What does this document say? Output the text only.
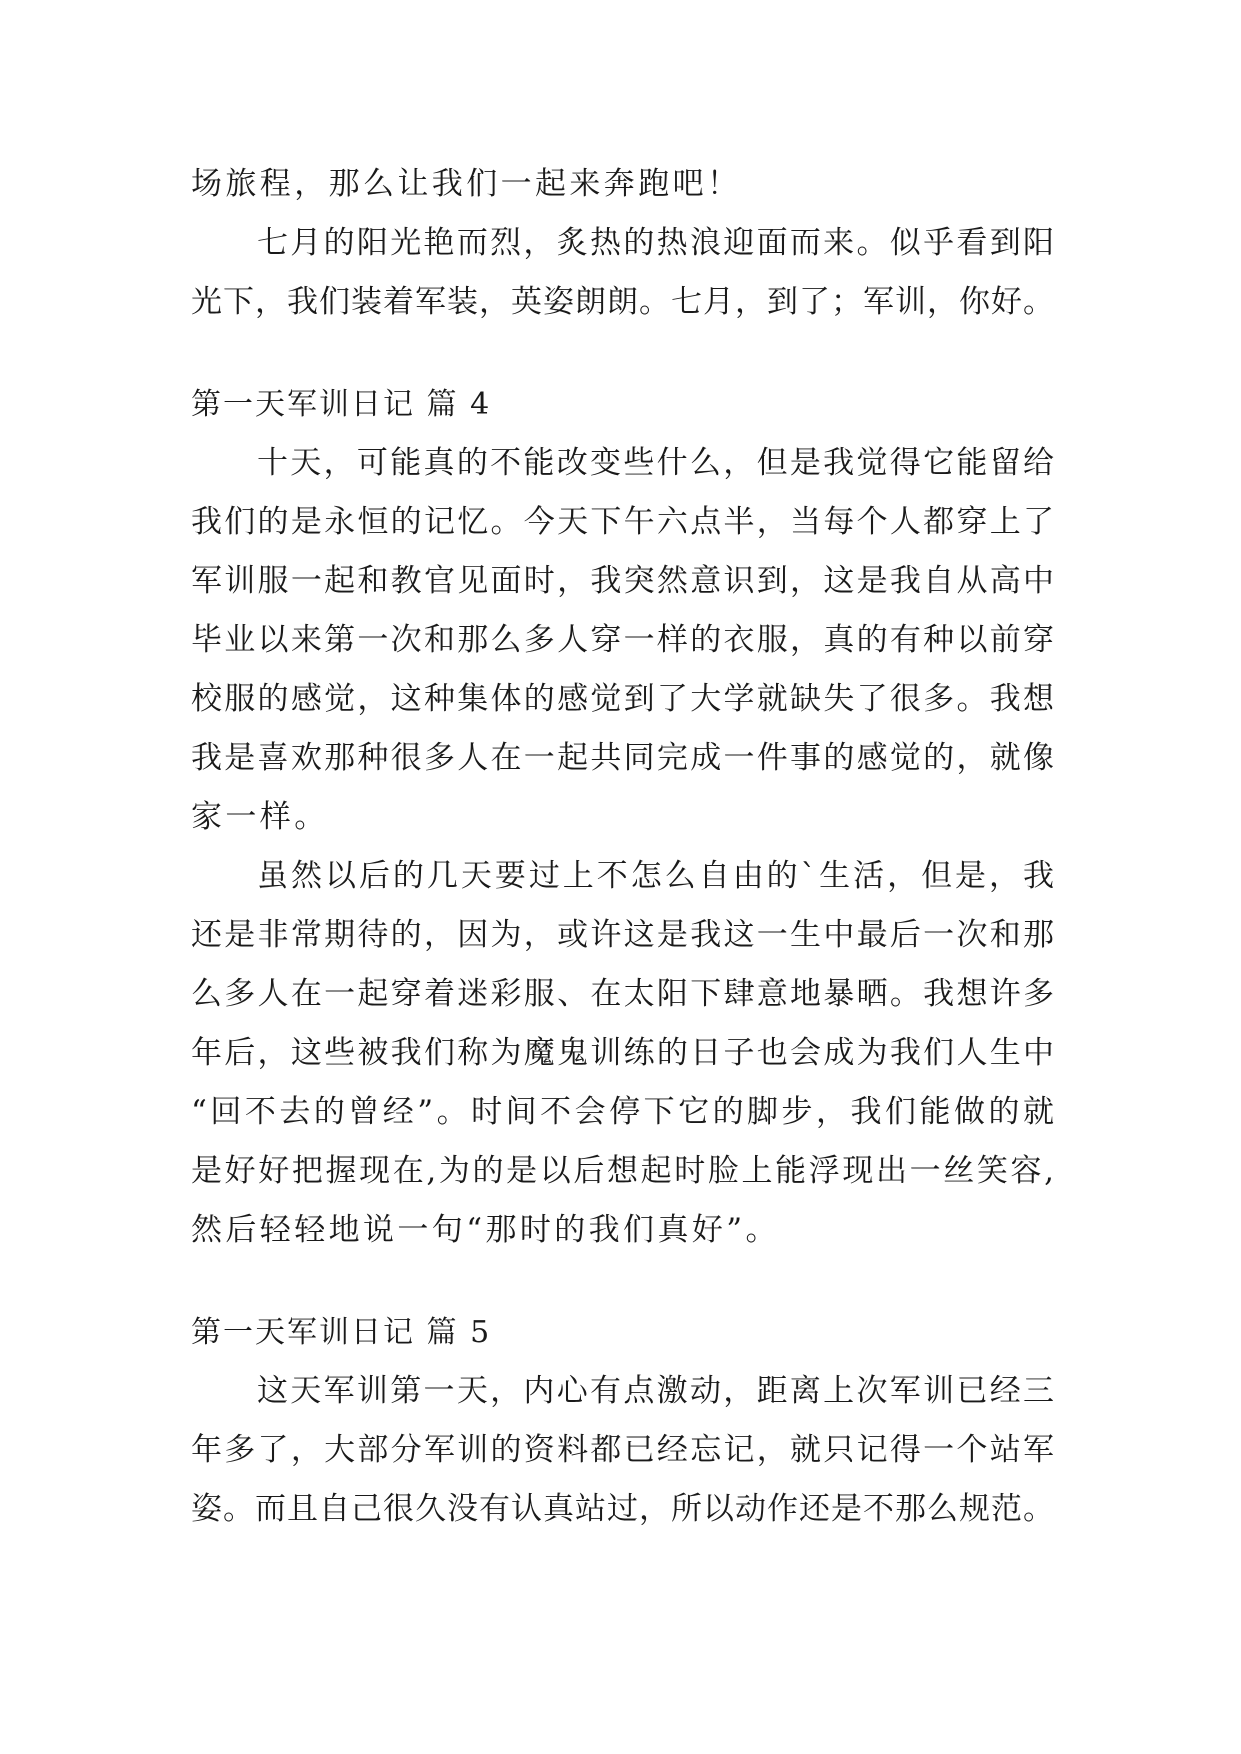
场旅程，那么让我们一起来奔跑吧！
七月的阳光艳而烈，炙热的热浪迎面而来。似乎看到阳
光下，我们装着军装，英姿朗朗。七月，到了；军训，你好。
第一天军训日记 篇 4
十天，可能真的不能改变些什么，但是我觉得它能留给
我们的是永恒的记忆。今天下午六点半，当每个人都穿上了
军训服一起和教官见面时，我突然意识到，这是我自从高中
毕业以来第一次和那么多人穿一样的衣服，真的有种以前穿
校服的感觉，这种集体的感觉到了大学就缺失了很多。我想
我是喜欢那种很多人在一起共同完成一件事的感觉的，就像
家一样。
虽然以后的几天要过上不怎么自由的`生活，但是，我
还是非常期待的，因为，或许这是我这一生中最后一次和那
么多人在一起穿着迷彩服、在太阳下肆意地暴晒。我想许多
年后，这些被我们称为魔鬼训练的日子也会成为我们人生中
“回不去的曾经”。时间不会停下它的脚步，我们能做的就
是好好把握现在,为的是以后想起时脸上能浮现出一丝笑容,
然后轻轻地说一句“那时的我们真好”。
第一天军训日记 篇 5
这天军训第一天，内心有点激动，距离上次军训已经三
年多了，大部分军训的资料都已经忘记，就只记得一个站军
姿。而且自己很久没有认真站过，所以动作还是不那么规范。
